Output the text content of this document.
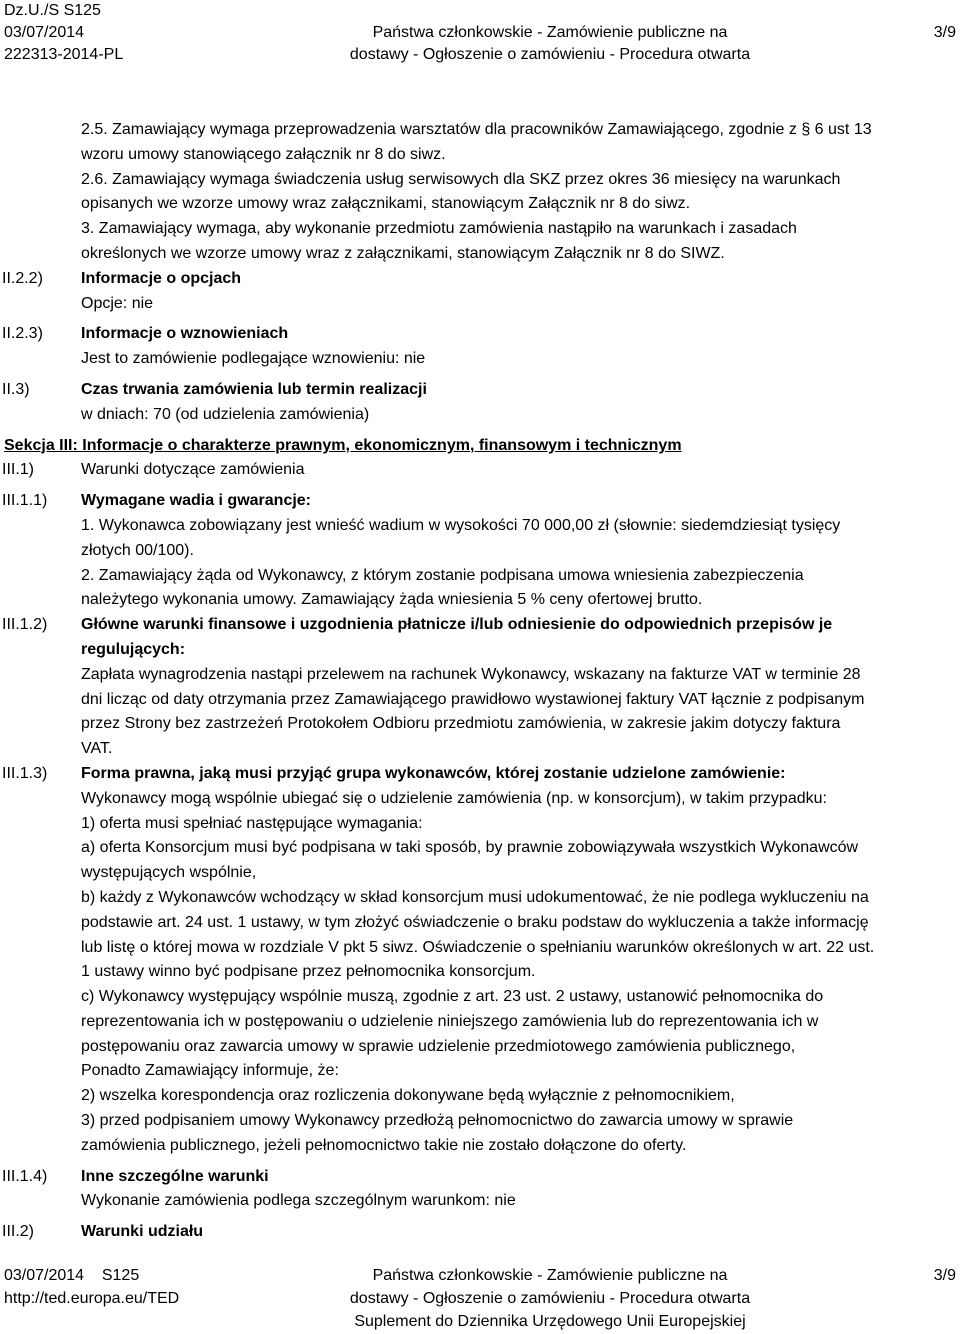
Dz.U./S S125
03/07/2014
222313-2014-PL
Państwa członkowskie - Zamówienie publiczne na
dostawy - Ogłoszenie o zamówieniu - Procedura otwarta
3/9
2.5. Zamawiający wymaga przeprowadzenia warsztatów dla pracowników Zamawiającego, zgodnie z § 6 ust 13
wzoru umowy stanowiącego załącznik nr 8 do siwz.
2.6. Zamawiający wymaga świadczenia usług serwisowych dla SKZ przez okres 36 miesięcy na warunkach
opisanych we wzorze umowy wraz załącznikami, stanowiącym Załącznik nr 8 do siwz.
3. Zamawiający wymaga, aby wykonanie przedmiotu zamówienia nastąpiło na warunkach i zasadach
określonych we wzorze umowy wraz z załącznikami, stanowiącym Załącznik nr 8 do SIWZ.
II.2.2)	Informacje o opcjach
Opcje: nie
II.2.3)	Informacje o wznowieniach
Jest to zamówienie podlegające wznowieniu: nie
II.3)	Czas trwania zamówienia lub termin realizacji
w dniach: 70 (od udzielenia zamówienia)

Sekcja III: Informacje o charakterze prawnym, ekonomicznym, finansowym i technicznym

III.1)	Warunki dotyczące zamówienia
III.1.1)	Wymagane wadia i gwarancje:
1. Wykonawca zobowiązany jest wnieść wadium w wysokości 70 000,00 zł (słownie: siedemdziesiąt tysięcy
złotych 00/100).
2. Zamawiający żąda od Wykonawcy, z którym zostanie podpisana umowa wniesienia zabezpieczenia
należytego wykonania umowy. Zamawiający żąda wniesienia 5 % ceny ofertowej brutto.
III.1.2)	Główne warunki finansowe i uzgodnienia płatnicze i/lub odniesienie do odpowiednich przepisów je
regulujących:
Zapłata wynagrodzenia nastąpi przelewem na rachunek Wykonawcy, wskazany na fakturze VAT w terminie 28
dni licząc od daty otrzymania przez Zamawiającego prawidłowo wystawionej faktury VAT łącznie z podpisanym
przez Strony bez zastrzeżeń Protokołem Odbioru przedmiotu zamówienia, w zakresie jakim dotyczy faktura
VAT.
III.1.3)	Forma prawna, jaką musi przyjąć grupa wykonawców, której zostanie udzielone zamówienie:
Wykonawcy mogą wspólnie ubiegać się o udzielenie zamówienia (np. w konsorcjum), w takim przypadku:
1) oferta musi spełniać następujące wymagania:
a) oferta Konsorcjum musi być podpisana w taki sposób, by prawnie zobowiązywała wszystkich Wykonawców
występujących wspólnie,
b) każdy z Wykonawców wchodzący w skład konsorcjum musi udokumentować, że nie podlega wykluczeniu na
podstawie art. 24 ust. 1 ustawy, w tym złożyć oświadczenie o braku podstaw do wykluczenia a także informację
lub listę o której mowa w rozdziale V pkt 5 siwz. Oświadczenie o spełnianiu warunków określonych w art. 22 ust.
1 ustawy winno być podpisane przez pełnomocnika konsorcjum.
c) Wykonawcy występujący wspólnie muszą, zgodnie z art. 23 ust. 2 ustawy, ustanowić pełnomocnika do
reprezentowania ich w postępowaniu o udzielenie niniejszego zamówienia lub do reprezentowania ich w
postępowaniu oraz zawarcia umowy w sprawie udzielenie przedmiotowego zamówienia publicznego,
Ponadto Zamawiający informuje, że:
2) wszelka korespondencja oraz rozliczenia dokonywane będą wyłącznie z pełnomocnikiem,
3) przed podpisaniem umowy Wykonawcy przedłożą pełnomocnictwo do zawarcia umowy w sprawie
zamówienia publicznego, jeżeli pełnomocnictwo takie nie zostało dołączone do oferty.
III.1.4)	Inne szczególne warunki
Wykonanie zamówienia podlega szczególnym warunkom: nie
III.2)	Warunki udziału
03/07/2014    S125
http://ted.europa.eu/TED
Państwa członkowskie - Zamówienie publiczne na
dostawy - Ogłoszenie o zamówieniu - Procedura otwarta
Suplement do Dziennika Urzędowego Unii Europejskiej
3/9
